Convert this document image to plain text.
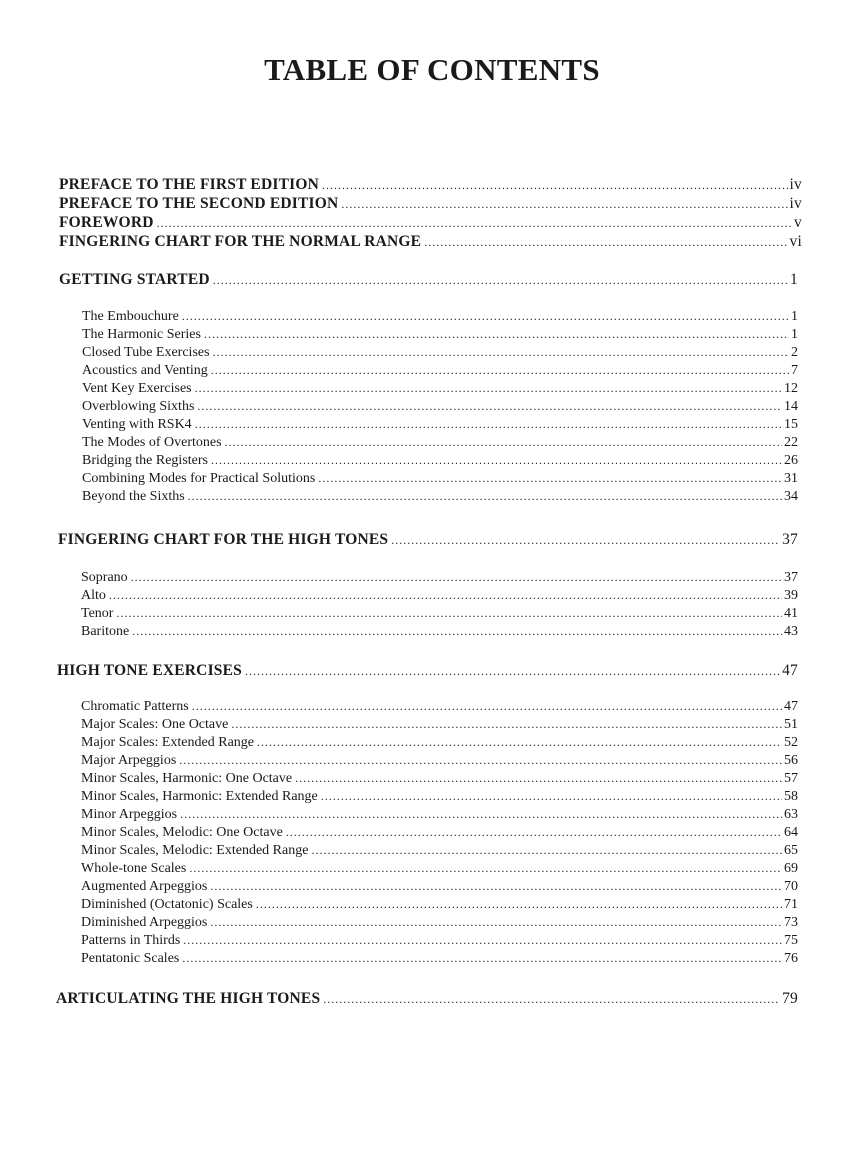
TABLE OF CONTENTS
PREFACE TO THE FIRST EDITION .....	iv
PREFACE TO THE SECOND EDITION .....	iv
FOREWORD .....	v
FINGERING CHART FOR THE NORMAL RANGE .....	vi
GETTING STARTED .....	1
The Embouchure .....	1
The Harmonic Series .....	1
Closed Tube Exercises .....	2
Acoustics and Venting .....	7
Vent Key Exercises .....	12
Overblowing Sixths .....	14
Venting with RSK4 .....	15
The Modes of Overtones .....	22
Bridging the Registers .....	26
Combining Modes for Practical Solutions .....	31
Beyond the Sixths .....	34
FINGERING CHART FOR THE HIGH TONES .....	37
Soprano .....	37
Alto .....	39
Tenor .....	41
Baritone .....	43
HIGH TONE EXERCISES .....	47
Chromatic Patterns .....	47
Major Scales: One Octave .....	51
Major Scales: Extended Range .....	52
Major Arpeggios .....	56
Minor Scales, Harmonic: One Octave .....	57
Minor Scales, Harmonic: Extended Range .....	58
Minor Arpeggios .....	63
Minor Scales, Melodic: One Octave .....	64
Minor Scales, Melodic: Extended Range .....	65
Whole-tone Scales .....	69
Augmented Arpeggios .....	70
Diminished (Octatonic) Scales .....	71
Diminished Arpeggios .....	73
Patterns in Thirds .....	75
Pentatonic Scales .....	76
ARTICULATING THE HIGH TONES .....	79
